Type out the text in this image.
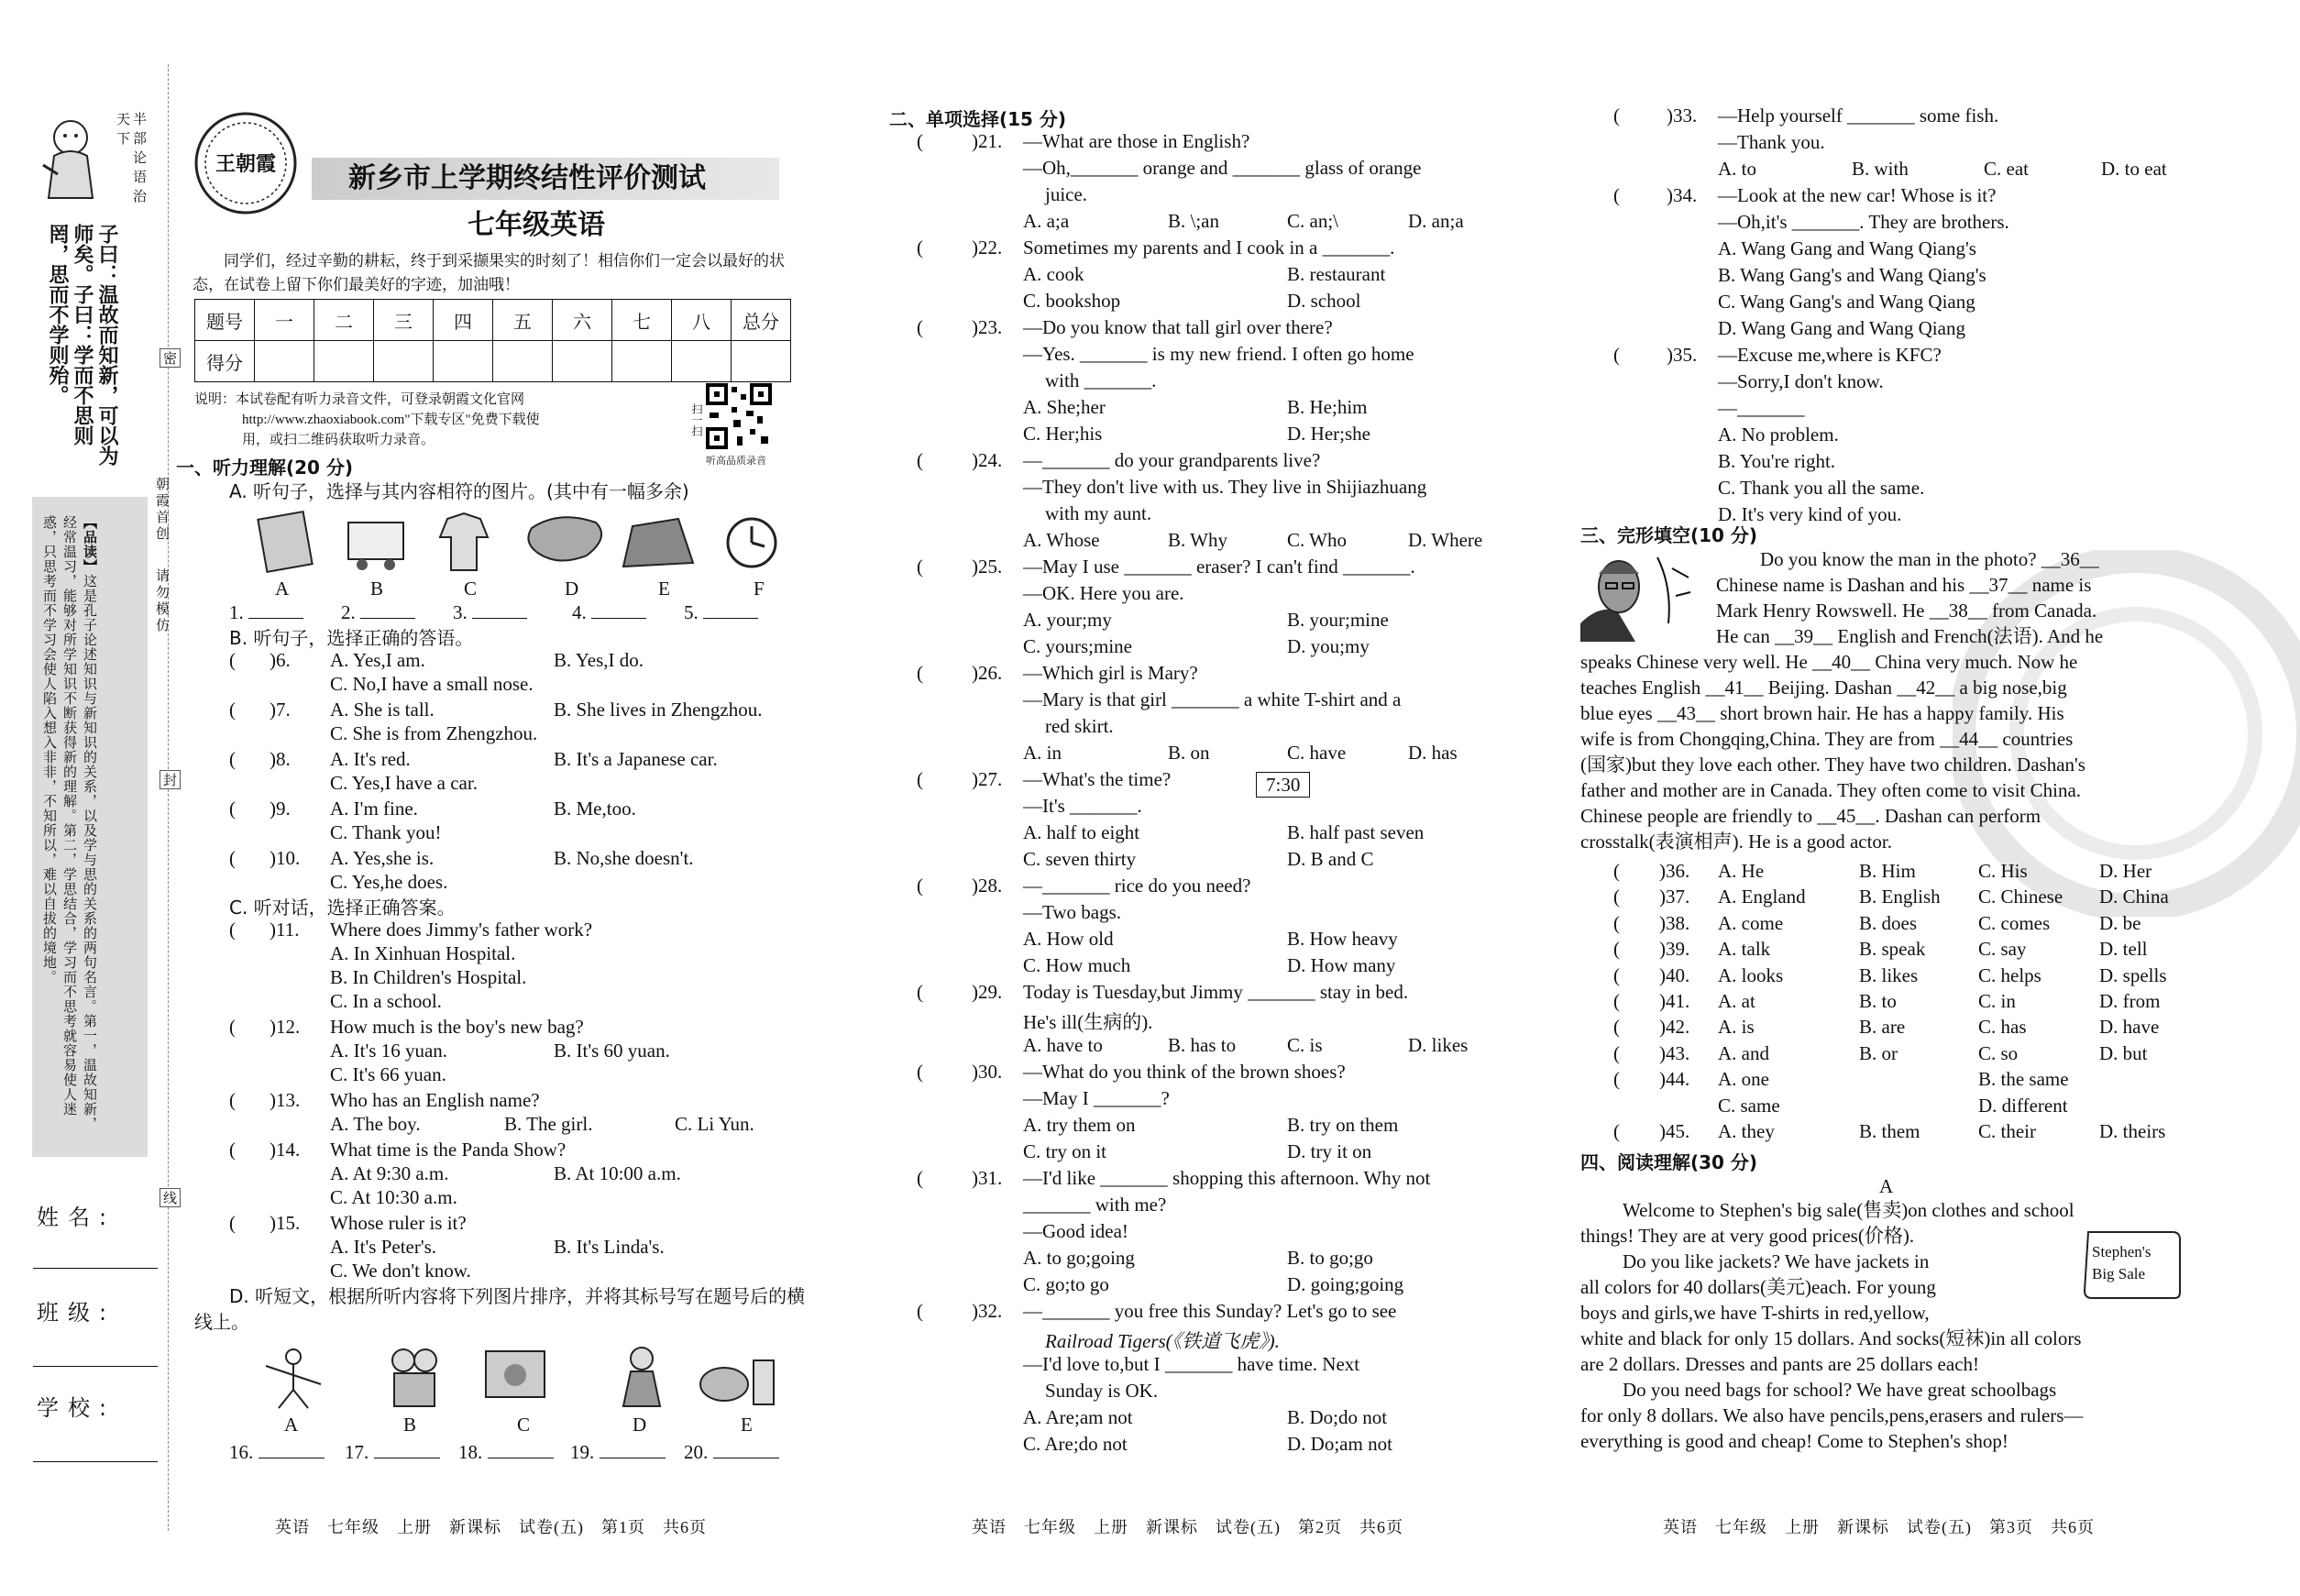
半部论语治天下
子曰：温故而知新，可以为师矣。子曰：学而不思则罔，思而不学则殆。
【品读】这是孔子论述知识与新知识的关系，以及学与思的关系的两句名言。第一，温故知新，经常温习，能够对所学知识不断获得新的理解。第二，学思结合，学习而不思考就容易使人迷惑，只思考而不学习会使人陷入想入非非，不知所以，难以自拔的境地。
姓名:
班级:
学校:
密
封
线
朝霞首创
请勿模仿
王朝霞	新乡市上学期终结性评价测试
七年级英语
同学们，经过辛勤的耕耘，终于到采撷果实的时刻了！相信你们一定会以最好的状态，在试卷上留下你们最美好的字迹，加油哦！
题号	一	二	三	四	五	六	七	八	总分
得分									
说明：本试卷配有听力录音文件，可登录朝霞文化官网
http://www.zhaoxiabook.com"下载专区"免费下载使
用，或扫二维码获取听力录音。
扫一扫
听高品质录音
一、听力理解(20 分)
A. 听句子，选择与其内容相符的图片。(其中有一幅多余)
A	B	C	D	E	F
1.	2.	3.	4.	5.
B. 听句子，选择正确的答语。
( )6. A. Yes,I am.	B. Yes,I do.
C. No,I have a small nose.
( )7. A. She is tall.	B. She lives in Zhengzhou.
C. She is from Zhengzhou.
( )8. A. It's red.	B. It's a Japanese car.
C. Yes,I have a car.
( )9. A. I'm fine.	B. Me,too.
C. Thank you!
( )10. A. Yes,she is.	B. No,she doesn't.
C. Yes,he does.
C. 听对话，选择正确答案。
( )11. Where does Jimmy's father work?
A. In Xinhuan Hospital.
B. In Children's Hospital.
C. In a school.
( )12. How much is the boy's new bag?
A. It's 16 yuan.	B. It's 60 yuan.
C. It's 66 yuan.
( )13. Who has an English name?
A. The boy.	B. The girl.	C. Li Yun.
( )14. What time is the Panda Show?
A. At 9:30 a.m.	B. At 10:00 a.m.
C. At 10:30 a.m.
( )15. Whose ruler is it?
A. It's Peter's.	B. It's Linda's.
C. We don't know.
D. 听短文，根据所听内容将下列图片排序，并将其标号写在题号后的横线上。
A	B	C	D	E
16.	17.	18.	19.	20.
英语　七年级　上册　新课标　试卷(五)　第1页　共6页
二、单项选择(15 分)
(	)21. —What are those in English?
—Oh,_______ orange and _______ glass of orange
juice.
A. a;a	B. \;an	C. an;\	D. an;a
(	)22. Sometimes my parents and I cook in a _______.
A. cook	B. restaurant
C. bookshop	D. school
(	)23. —Do you know that tall girl over there?
—Yes. _______ is my new friend. I often go home
with _______.
A. She;her	B. He;him
C. Her;his	D. Her;she
(	)24. —_______ do your grandparents live?
—They don't live with us. They live in Shijiazhuang
with my aunt.
A. Whose	B. Why	C. Who	D. Where
(	)25. —May I use _______ eraser? I can't find _______.
—OK. Here you are.
A. your;my	B. your;mine
C. yours;mine	D. you;my
(	)26. —Which girl is Mary?
—Mary is that girl _______ a white T-shirt and a
red skirt.
A. in	B. on	C. have	D. has
(	)27. —What's the time?	7:30
—It's _______.
A. half to eight	B. half past seven
C. seven thirty	D. B and C
(	)28. —_______ rice do you need?
—Two bags.
A. How old	B. How heavy
C. How much	D. How many
(	)29. Today is Tuesday,but Jimmy _______ stay in bed.
He's ill(生病的).
A. have to	B. has to	C. is	D. likes
(	)30. —What do you think of the brown shoes?
—May I _______?
A. try them on	B. try on them
C. try on it	D. try it on
(	)31. —I'd like _______ shopping this afternoon. Why not
_______ with me?
—Good idea!
A. to go;going	B. to go;go
C. go;to go	D. going;going
(	)32. —_______ you free this Sunday? Let's go to see
Railroad Tigers(《铁道飞虎》).
—I'd love to,but I _______ have time. Next
Sunday is OK.
A. Are;am not	B. Do;do not
C. Are;do not	D. Do;am not
英语　七年级　上册　新课标　试卷(五)　第2页　共6页
( )33. —Help yourself _______ some fish.
—Thank you.
A. to	B. with	C. eat	D. to eat
( )34. —Look at the new car! Whose is it?
—Oh,it's _______. They are brothers.
A. Wang Gang and Wang Qiang's
B. Wang Gang's and Wang Qiang's
C. Wang Gang's and Wang Qiang
D. Wang Gang and Wang Qiang
( )35. —Excuse me,where is KFC?
—Sorry,I don't know.
—_______
A. No problem.
B. You're right.
C. Thank you all the same.
D. It's very kind of you.
三、完形填空(10 分)
Do you know the man in the photo? __36__
Chinese name is Dashan and his __37__ name is
Mark Henry Rowswell. He __38__ from Canada.
He can __39__ English and French(法语). And he
speaks Chinese very well. He __40__ China very much. Now he
teaches English __41__ Beijing. Dashan __42__ a big nose,big
blue eyes __43__ short brown hair. He has a happy family. His
wife is from Chongqing,China. They are from __44__ countries
(国家)but they love each other. They have two children. Dashan's
father and mother are in Canada. They often come to visit China.
Chinese people are friendly to __45__. Dashan can perform
crosstalk(表演相声). He is a good actor.
( )36. A. He	B. Him	C. His	D. Her
( )37. A. England	B. English C. Chinese D. China
( )38. A. come	B. does	C. comes	D. be
( )39. A. talk	B. speak	C. say	D. tell
( )40. A. looks	B. likes	C. helps	D. spells
( )41. A. at	B. to	C. in	D. from
( )42. A. is	B. are	C. has	D. have
( )43. A. and	B. or	C. so	D. but
( )44. A. one	B. the same
C. same	D. different
( )45. A. they	B. them	C. their	D. theirs
四、阅读理解(30 分)
A
Stephen's Big Sale
Welcome to Stephen's big sale(售卖)on clothes and school
things! They are at very good prices(价格).
Do you like jackets? We have jackets in
all colors for 40 dollars(美元)each. For young
boys and girls,we have T-shirts in red,yellow,
white and black for only 15 dollars. And socks(短袜)in all colors
are 2 dollars. Dresses and pants are 25 dollars each!
Do you need bags for school? We have great schoolbags
for only 8 dollars. We also have pencils,pens,erasers and rulers—
everything is good and cheap! Come to Stephen's shop!
英语　七年级　上册　新课标　试卷(五)　第3页　共6页
